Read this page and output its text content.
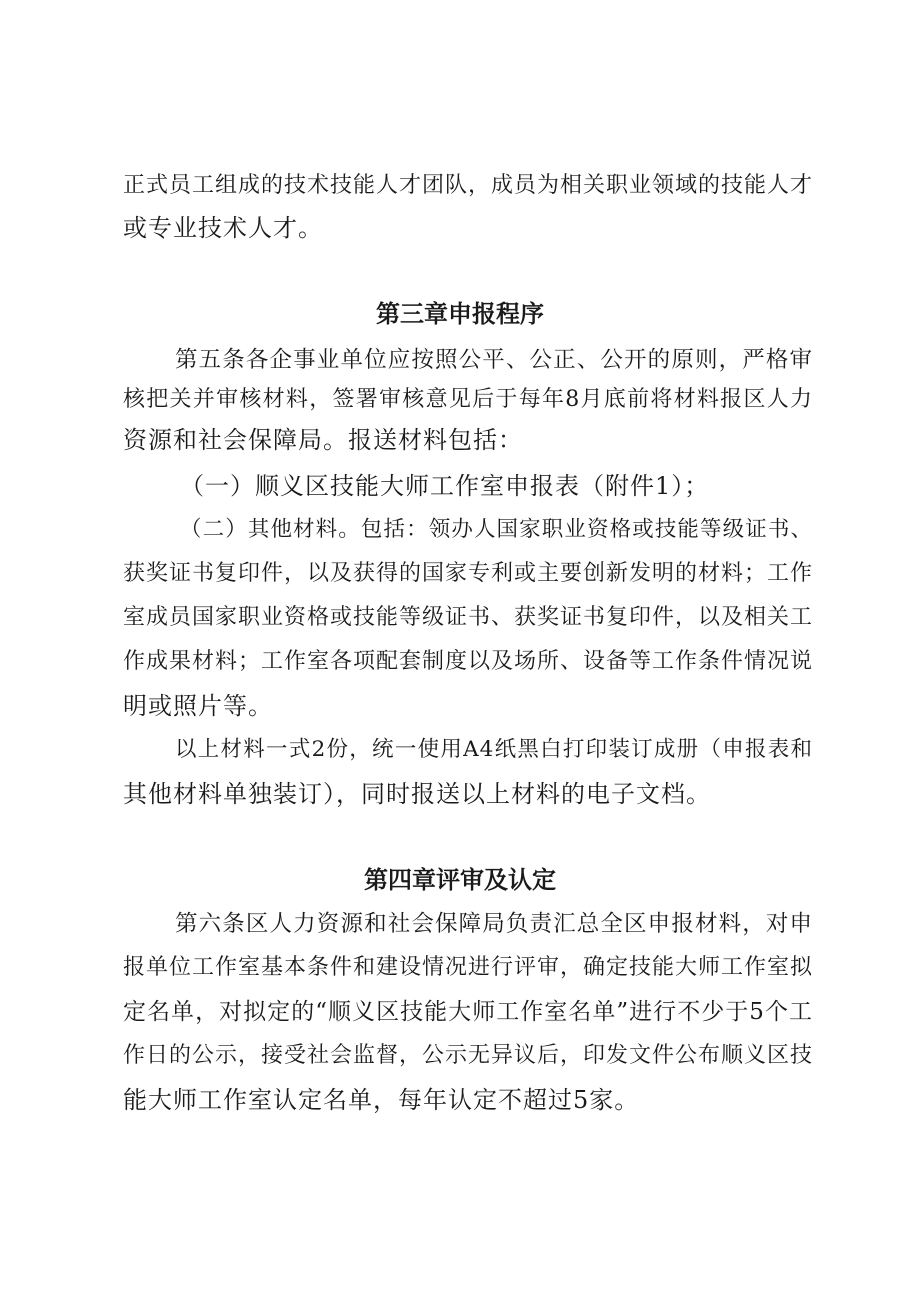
正式员工组成的技术技能人才团队，成员为相关职业领域的技能人才
或专业技术人才。
第三章申报程序
第五条各企事业单位应按照公平、公正、公开的原则，严格审
核把关并审核材料，签署审核意见后于每年8月底前将材料报区人力
资源和社会保障局。报送材料包括：
（一）顺义区技能大师工作室申报表（附件1）；
（二）其他材料。包括：领办人国家职业资格或技能等级证书、
获奖证书复印件，以及获得的国家专利或主要创新发明的材料；工作
室成员国家职业资格或技能等级证书、获奖证书复印件，以及相关工
作成果材料；工作室各项配套制度以及场所、设备等工作条件情况说
明或照片等。
以上材料一式2份，统一使用A4纸黑白打印装订成册（申报表和
其他材料单独装订），同时报送以上材料的电子文档。
第四章评审及认定
第六条区人力资源和社会保障局负责汇总全区申报材料，对申
报单位工作室基本条件和建设情况进行评审，确定技能大师工作室拟
定名单，对拟定的“顺义区技能大师工作室名单”进行不少于5个工
作日的公示，接受社会监督，公示无异议后，印发文件公布顺义区技
能大师工作室认定名单，每年认定不超过5家。
